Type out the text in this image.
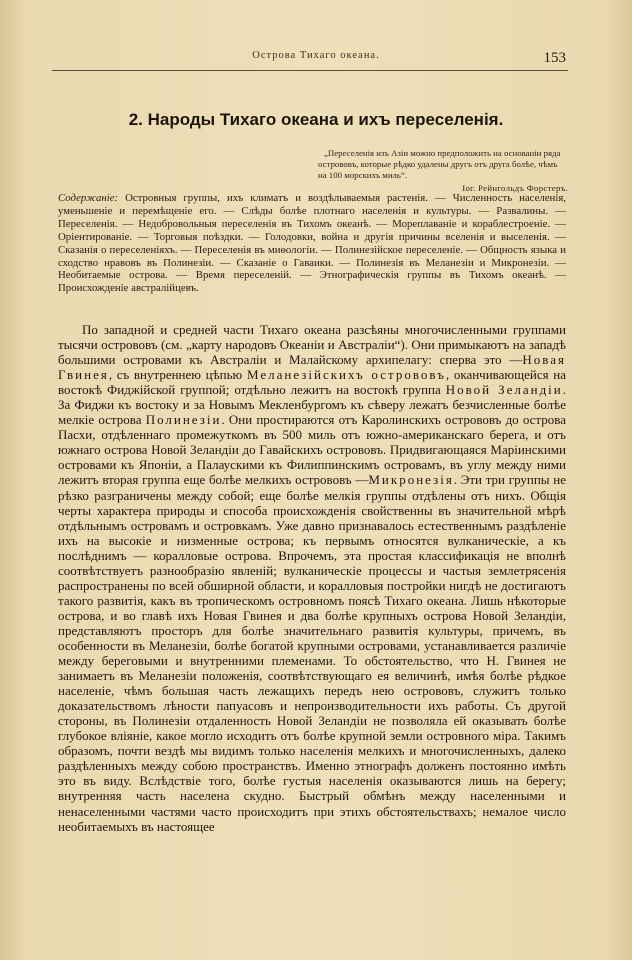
Острова Тихаго океана.	153
2. Народы Тихаго океана и ихъ переселенія.

„Переселенія изъ Азіи можно предположить на основаніи ряда острововъ, которые рѣдко удалены другъ отъ друга болѣе, чѣмъ на 100 морскихъ миль“.

Іог. Рейнгольдъ Форстеръ.

Содержаніе: Островныя группы, ихъ климатъ и воздѣлываемыя растенія. — Численность населенія, уменьшеніе и перемѣщеніе его. — Слѣды болѣе плотнаго населенія и культуры. — Развалины. — Переселенія. — Недобровольныя переселенія въ Тихомъ океанѣ. — Мореплаваніе и кораблестроеніе. — Оріентированіе. — Торговыя поѣздки. — Голодовки, война и другія причины вселенія и выселенія. — Сказанія о переселеніяхъ. — Переселенія въ миѳологіи. — Полинезійское переселеніе. — Общность языка и сходство нравовъ въ Полинезіи. — Сказаніе о Гаваики. — Полинезія въ Меланезіи и Микронезіи. — Необитаемые острова. — Время переселеній. — Этнографическія группы въ Тихомъ океанѣ. — Происхожденіе австралійцевъ.

По западной и средней части Тихаго океана разсѣяны многочисленными группами тысячи острововъ (см. „карту народовъ Океаніи и Австраліи“). Они примыкаютъ на западѣ большими островами къ Австраліи и Малайскому архипелагу: сперва это —Новая Гвинея, съ внутреннею цѣпью Меланезійскихъ острововъ, оканчивающейся на востокѣ Фиджійской группой; отдѣльно лежитъ на востокѣ группа Новой Зеландіи. За Фиджи къ востоку и за Новымъ Мекленбургомъ къ сѣверу лежатъ безчисленные болѣе мелкіе острова Полинезіи. Они простираются отъ Каролинскихъ острововъ до острова Пасхи, отдѣленнаго промежуткомъ въ 500 миль отъ южно-американскаго берега, и отъ южнаго острова Новой Зеландіи до Гавайскихъ острововъ. Придвигающаяся Маріинскими островами къ Японіи, а Палаускими къ Филиппинскимъ островамъ, въ углу между ними лежитъ вторая группа еще болѣе мелкихъ острововъ —Микронезія. Эти три группы не рѣзко разграничены между собой; еще болѣе мелкія группы отдѣлены отъ нихъ. Общія черты характера природы и способа происхожденія свойственны въ значительной мѣрѣ отдѣльнымъ островамъ и островкамъ. Уже давно признавалось естественнымъ раздѣленіе ихъ на высокіе и низменные острова; къ первымъ относятся вулканическіе, а къ послѣднимъ — коралловые острова. Впрочемъ, эта простая классификація не вполнѣ соотвѣтствуетъ разнообразію явленій; вулканическіе процессы и частыя землетрясенія распространены по всей обширной области, и коралловыя постройки нигдѣ не достигаютъ такого развитія, какъ въ тропическомъ островномъ поясѣ Тихаго океана. Лишь нѣкоторые острова, и во главѣ ихъ Новая Гвинея и два болѣе крупныхъ острова Новой Зеландіи, представляютъ просторъ для болѣе значительнаго развитія культуры, причемъ, въ особенности въ Меланезіи, болѣе богатой крупными островами, устанавливается различіе между береговыми и внутренними племенами. То обстоятельство, что Н. Гвинея не занимаетъ въ Меланезіи положенія, соотвѣтствующаго ея величинѣ, имѣя болѣе рѣдкое населеніе, чѣмъ большая часть лежащихъ передъ нею острововъ, служитъ только доказательствомъ лѣности папуасовъ и непроизводительности ихъ работы. Съ другой стороны, въ Полинезіи отдаленность Новой Зеландіи не позволяла ей оказывать болѣе глубокое вліяніе, какое могло исходить отъ болѣе крупной земли островного міра. Такимъ образомъ, почти вездѣ мы видимъ только населенія мелкихъ и многочисленныхъ, далеко раздѣленныхъ между собою пространствъ. Именно этнографъ долженъ постоянно имѣть это въ виду. Вслѣдствіе того, болѣе густыя населенія оказываются лишь на берегу; внутренняя часть населена скудно. Быстрый обмѣнъ между населенными и ненаселенными частями часто происходитъ при этихъ обстоятельствахъ; немалое число необитаемыхъ въ настоящее
